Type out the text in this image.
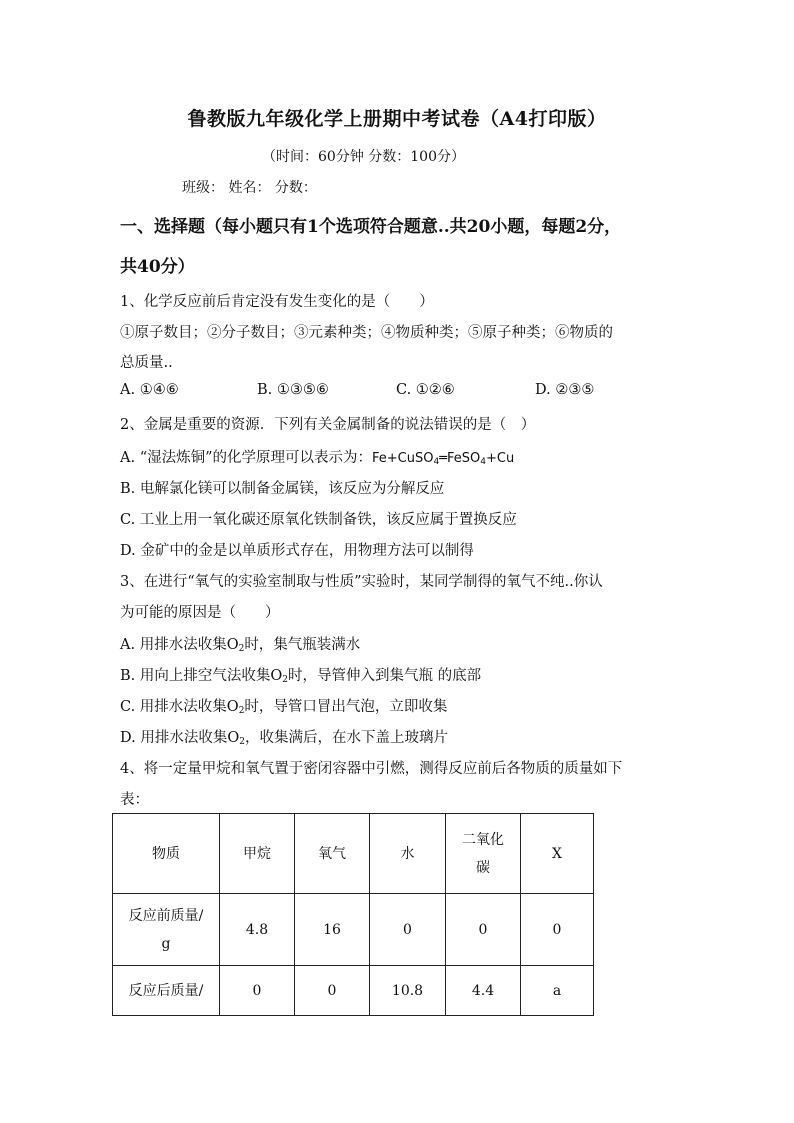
鲁教版九年级化学上册期中考试卷（A4打印版）
（时间：60分钟 分数：100分）
班级： 姓名： 分数：
一、选择题（每小题只有1个选项符合题意..共20小题，每题2分，
共40分）
1、化学反应前后肯定没有发生变化的是（　　）
①原子数目；②分子数目；③元素种类；④物质种类；⑤原子种类；⑥物质的
总质量..
A. ①④⑥	B. ①③⑤⑥	C. ①②⑥	D. ②③⑤
2、金属是重要的资源．下列有关金属制备的说法错误的是（　）
A. “湿法炼铜”的化学原理可以表示为：Fe+CuSO$_4$═FeSO$_4$+Cu
B. 电解氯化镁可以制备金属镁，该反应为分解反应
C. 工业上用一氧化碳还原氧化铁制备铁，该反应属于置换反应
D. 金矿中的金是以单质形式存在，用物理方法可以制得
3、在进行“氧气的实验室制取与性质”实验时，某同学制得的氧气不纯..你认
为可能的原因是（　　）
A. 用排水法收集$O_2$时，集气瓶装满水
B. 用向上排空气法收集$O_2$时，导管伸入到集气瓶 的底部
C. 用排水法收集$O_2$时，导管口冒出气泡，立即收集
D. 用排水法收集$O_2$，收集满后，在水下盖上玻璃片
4、将一定量甲烷和氧气置于密闭容器中引燃，测得反应前后各物质的质量如下
表：
物质	甲烷	氧气	水	二氧化
碳	X

反应前质量/
g	4.8	16	0	0	0
反应后质量/	0	0	10.8	4.4	a
